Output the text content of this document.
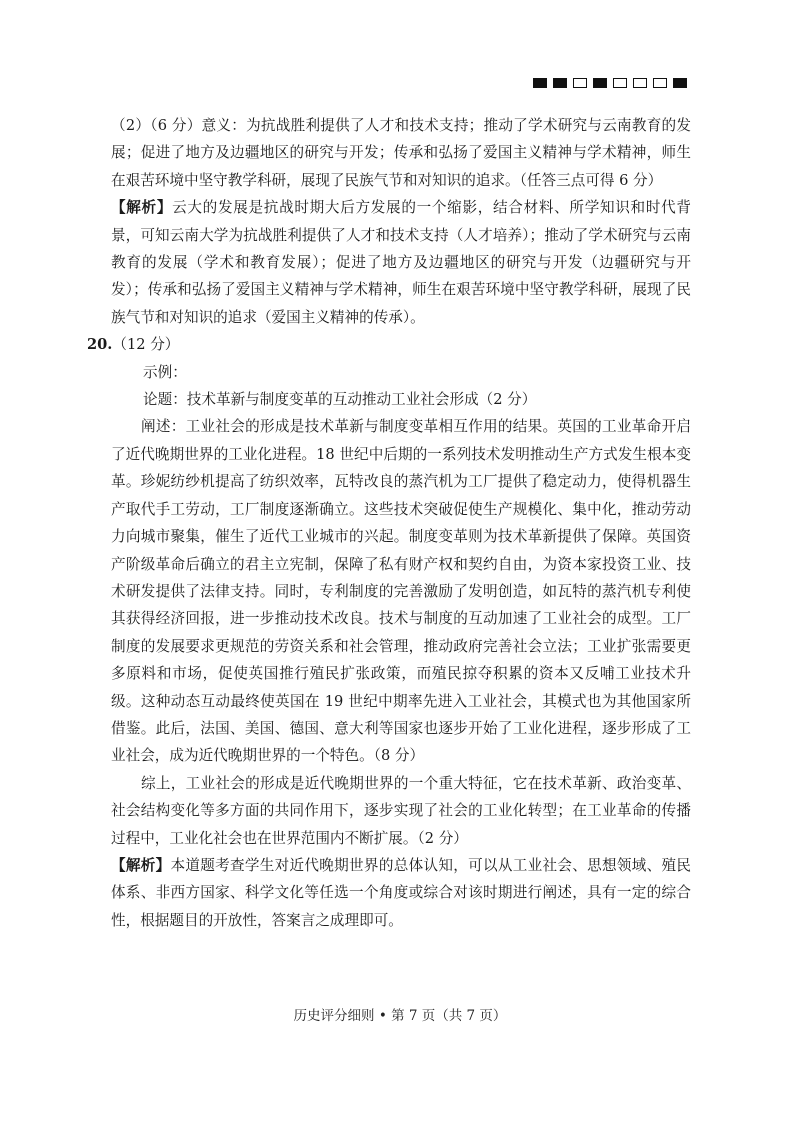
（2）（6 分）意义：为抗战胜利提供了人才和技术支持；推动了学术研究与云南教育的发展；促进了地方及边疆地区的研究与开发；传承和弘扬了爱国主义精神与学术精神，师生在艰苦环境中坚守教学科研，展现了民族气节和对知识的追求。（任答三点可得 6 分）

【解析】云大的发展是抗战时期大后方发展的一个缩影，结合材料、所学知识和时代背景，可知云南大学为抗战胜利提供了人才和技术支持（人才培养）；推动了学术研究与云南教育的发展（学术和教育发展）；促进了地方及边疆地区的研究与开发（边疆研究与开发）；传承和弘扬了爱国主义精神与学术精神，师生在艰苦环境中坚守教学科研，展现了民族气节和对知识的追求（爱国主义精神的传承）。

20.（12 分）

示例：

论题：技术革新与制度变革的互动推动工业社会形成（2 分）

阐述：工业社会的形成是技术革新与制度变革相互作用的结果。英国的工业革命开启了近代晚期世界的工业化进程。18 世纪中后期的一系列技术发明推动生产方式发生根本变革。珍妮纺纱机提高了纺织效率，瓦特改良的蒸汽机为工厂提供了稳定动力，使得机器生产取代手工劳动，工厂制度逐渐确立。这些技术突破促使生产规模化、集中化，推动劳动力向城市聚集，催生了近代工业城市的兴起。制度变革则为技术革新提供了保障。英国资产阶级革命后确立的君主立宪制，保障了私有财产权和契约自由，为资本家投资工业、技术研发提供了法律支持。同时，专利制度的完善激励了发明创造，如瓦特的蒸汽机专利使其获得经济回报，进一步推动技术改良。技术与制度的互动加速了工业社会的成型。工厂制度的发展要求更规范的劳资关系和社会管理，推动政府完善社会立法；工业扩张需要更多原料和市场，促使英国推行殖民扩张政策，而殖民掠夺积累的资本又反哺工业技术升级。这种动态互动最终使英国在 19 世纪中期率先进入工业社会，其模式也为其他国家所借鉴。此后，法国、美国、德国、意大利等国家也逐步开始了工业化进程，逐步形成了工业社会，成为近代晚期世界的一个特色。（8 分）

综上，工业社会的形成是近代晚期世界的一个重大特征，它在技术革新、政治变革、社会结构变化等多方面的共同作用下，逐步实现了社会的工业化转型；在工业革命的传播过程中，工业化社会也在世界范围内不断扩展。（2 分）

【解析】本道题考查学生对近代晚期世界的总体认知，可以从工业社会、思想领域、殖民体系、非西方国家、科学文化等任选一个角度或综合对该时期进行阐述，具有一定的综合性，根据题目的开放性，答案言之成理即可。

历史评分细则 • 第 7 页（共 7 页）
